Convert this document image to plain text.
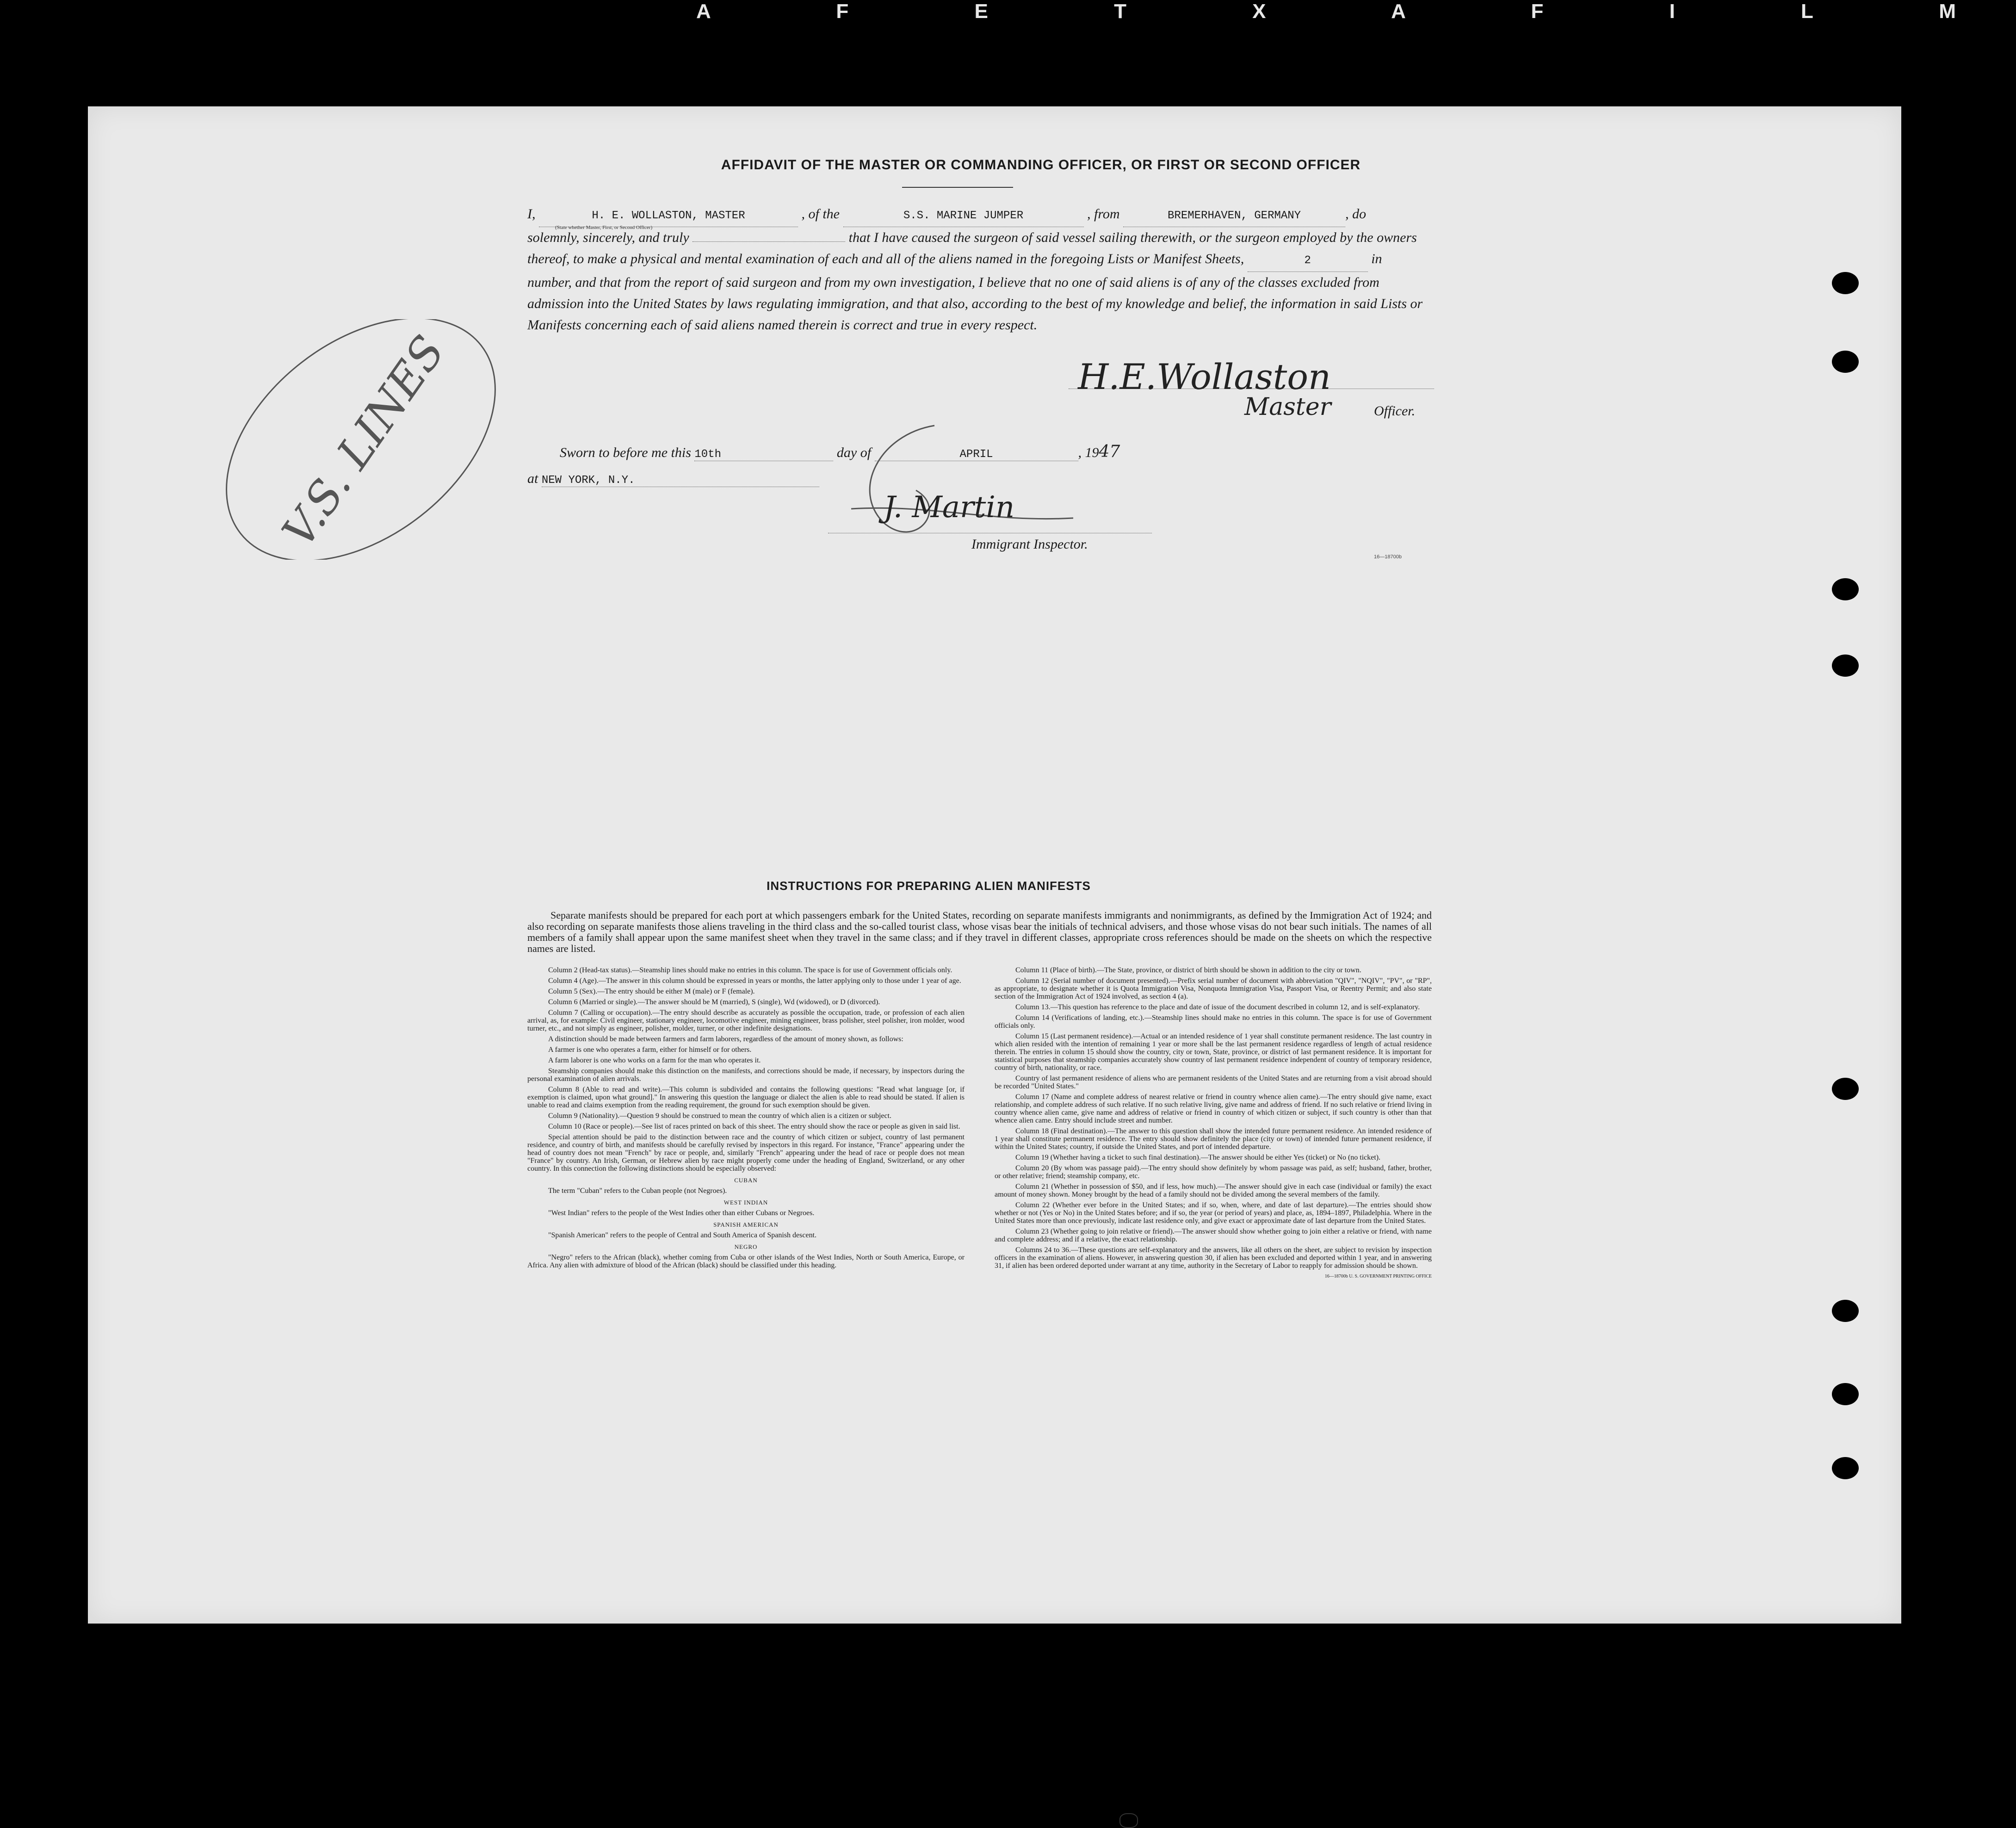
A F E T X A F I L M
V.S. LINES
AFFIDAVIT OF THE MASTER OR COMMANDING OFFICER, OR FIRST OR SECOND OFFICER
I,	H. E. WOLLASTON, MASTER	, of the	S.S. MARINE JUMPER	, from	BREMERHAVEN, GERMANY	, do
solemnly, sincerely, and truly	that I have caused the surgeon of said vessel sailing therewith, or the surgeon employed by the owners thereof, to make a physical and mental examination of each and all of the aliens named in the foregoing Lists or Manifest Sheets,	2	in number, and that from the report of said surgeon and from my own investigation, I believe that no one of said aliens is of any of the classes excluded from admission into the United States by laws regulating immigration, and that also, according to the best of my knowledge and belief, the information in said Lists or Manifests concerning each of said aliens named therein is correct and true in every respect.
(State whether Master, First, or Second Officer)
H.E.Wollaston
Master	Officer.
Sworn to before me this 10th	day of	APRIL	, 1947
at NEW YORK, N.Y.
J. Martin
Immigrant Inspector.
16—18700b
INSTRUCTIONS FOR PREPARING ALIEN MANIFESTS
Separate manifests should be prepared for each port at which passengers embark for the United States, recording on separate manifests immigrants and nonimmigrants, as defined by the Immigration Act of 1924; and also recording on separate manifests those aliens traveling in the third class and the so-called tourist class, whose visas bear the initials of technical advisers, and those whose visas do not bear such initials. The names of all members of a family shall appear upon the same manifest sheet when they travel in the same class; and if they travel in different classes, appropriate cross references should be made on the sheets on which the respective names are listed.

Column 2 (Head-tax status).—Steamship lines should make no entries in this column. The space is for use of Government officials only.

Column 4 (Age).—The answer in this column should be expressed in years or months, the latter applying only to those under 1 year of age.

Column 5 (Sex).—The entry should be either M (male) or F (female).

Column 6 (Married or single).—The answer should be M (married), S (single), Wd (widowed), or D (divorced).

Column 7 (Calling or occupation).—The entry should describe as accurately as possible the occupation, trade, or profession of each alien arrival, as, for example: Civil engineer, stationary engineer, locomotive engineer, mining engineer, brass polisher, steel polisher, iron molder, wood turner, etc., and not simply as engineer, polisher, molder, turner, or other indefinite designations.

A distinction should be made between farmers and farm laborers, regardless of the amount of money shown, as follows:

A farmer is one who operates a farm, either for himself or for others.

A farm laborer is one who works on a farm for the man who operates it.

Steamship companies should make this distinction on the manifests, and corrections should be made, if necessary, by inspectors during the personal examination of alien arrivals.

Column 8 (Able to read and write).—This column is subdivided and contains the following questions: "Read what language [or, if exemption is claimed, upon what ground]." In answering this question the language or dialect the alien is able to read should be stated. If alien is unable to read and claims exemption from the reading requirement, the ground for such exemption should be given.

Column 9 (Nationality).—Question 9 should be construed to mean the country of which alien is a citizen or subject.

Column 10 (Race or people).—See list of races printed on back of this sheet. The entry should show the race or people as given in said list.

Special attention should be paid to the distinction between race and the country of which citizen or subject, country of last permanent residence, and country of birth, and manifests should be carefully revised by inspectors in this regard. For instance, "France" appearing under the head of country does not mean "French" by race or people, and, similarly "French" appearing under the head of race or people does not mean "France" by country. An Irish, German, or Hebrew alien by race might properly come under the heading of England, Switzerland, or any other country. In this connection the following distinctions should be especially observed:

CUBAN

The term "Cuban" refers to the Cuban people (not Negroes).

WEST INDIAN

"West Indian" refers to the people of the West Indies other than either Cubans or Negroes.

SPANISH AMERICAN

"Spanish American" refers to the people of Central and South America of Spanish descent.

NEGRO

"Negro" refers to the African (black), whether coming from Cuba or other islands of the West Indies, North or South America, Europe, or Africa. Any alien with admixture of blood of the African (black) should be classified under this heading.

Column 11 (Place of birth).—The State, province, or district of birth should be shown in addition to the city or town.

Column 12 (Serial number of document presented).—Prefix serial number of document with abbreviation "QIV", "NQIV", "PV", or "RP", as appropriate, to designate whether it is Quota Immigration Visa, Nonquota Immigration Visa, Passport Visa, or Reentry Permit; and also state section of the Immigration Act of 1924 involved, as section 4 (a).

Column 13.—This question has reference to the place and date of issue of the document described in column 12, and is self-explanatory.

Column 14 (Verifications of landing, etc.).—Steamship lines should make no entries in this column. The space is for use of Government officials only.

Column 15 (Last permanent residence).—Actual or an intended residence of 1 year shall constitute permanent residence. The last country in which alien resided with the intention of remaining 1 year or more shall be the last permanent residence regardless of length of actual residence therein. The entries in column 15 should show the country, city or town, State, province, or district of last permanent residence. It is important for statistical purposes that steamship companies accurately show country of last permanent residence independent of country of temporary residence, country of birth, nationality, or race.

Country of last permanent residence of aliens who are permanent residents of the United States and are returning from a visit abroad should be recorded "United States."

Column 17 (Name and complete address of nearest relative or friend in country whence alien came).—The entry should give name, exact relationship, and complete address of such relative. If no such relative living, give name and address of friend. If no such relative or friend living in country whence alien came, give name and address of relative or friend in country of which citizen or subject, if such country is other than that whence alien came. Entry should include street and number.

Column 18 (Final destination).—The answer to this question shall show the intended future permanent residence. An intended residence of 1 year shall constitute permanent residence. The entry should show definitely the place (city or town) of intended future permanent residence, if within the United States; country, if outside the United States, and port of intended departure.

Column 19 (Whether having a ticket to such final destination).—The answer should be either Yes (ticket) or No (no ticket).

Column 20 (By whom was passage paid).—The entry should show definitely by whom passage was paid, as self; husband, father, brother, or other relative; friend; steamship company, etc.

Column 21 (Whether in possession of $50, and if less, how much).—The answer should give in each case (individual or family) the exact amount of money shown. Money brought by the head of a family should not be divided among the several members of the family.

Column 22 (Whether ever before in the United States; and if so, when, where, and date of last departure).—The entries should show whether or not (Yes or No) in the United States before; and if so, the year (or period of years) and place, as, 1894–1897, Philadelphia. Where in the United States more than once previously, indicate last residence only, and give exact or approximate date of last departure from the United States.

Column 23 (Whether going to join relative or friend).—The answer should show whether going to join either a relative or friend, with name and complete address; and if a relative, the exact relationship.

Columns 24 to 36.—These questions are self-explanatory and the answers, like all others on the sheet, are subject to revision by inspection officers in the examination of aliens. However, in answering question 30, if alien has been excluded and deported within 1 year, and in answering 31, if alien has been ordered deported under warrant at any time, authority in the Secretary of Labor to reapply for admission should be shown.

16—18700b U. S. GOVERNMENT PRINTING OFFICE
